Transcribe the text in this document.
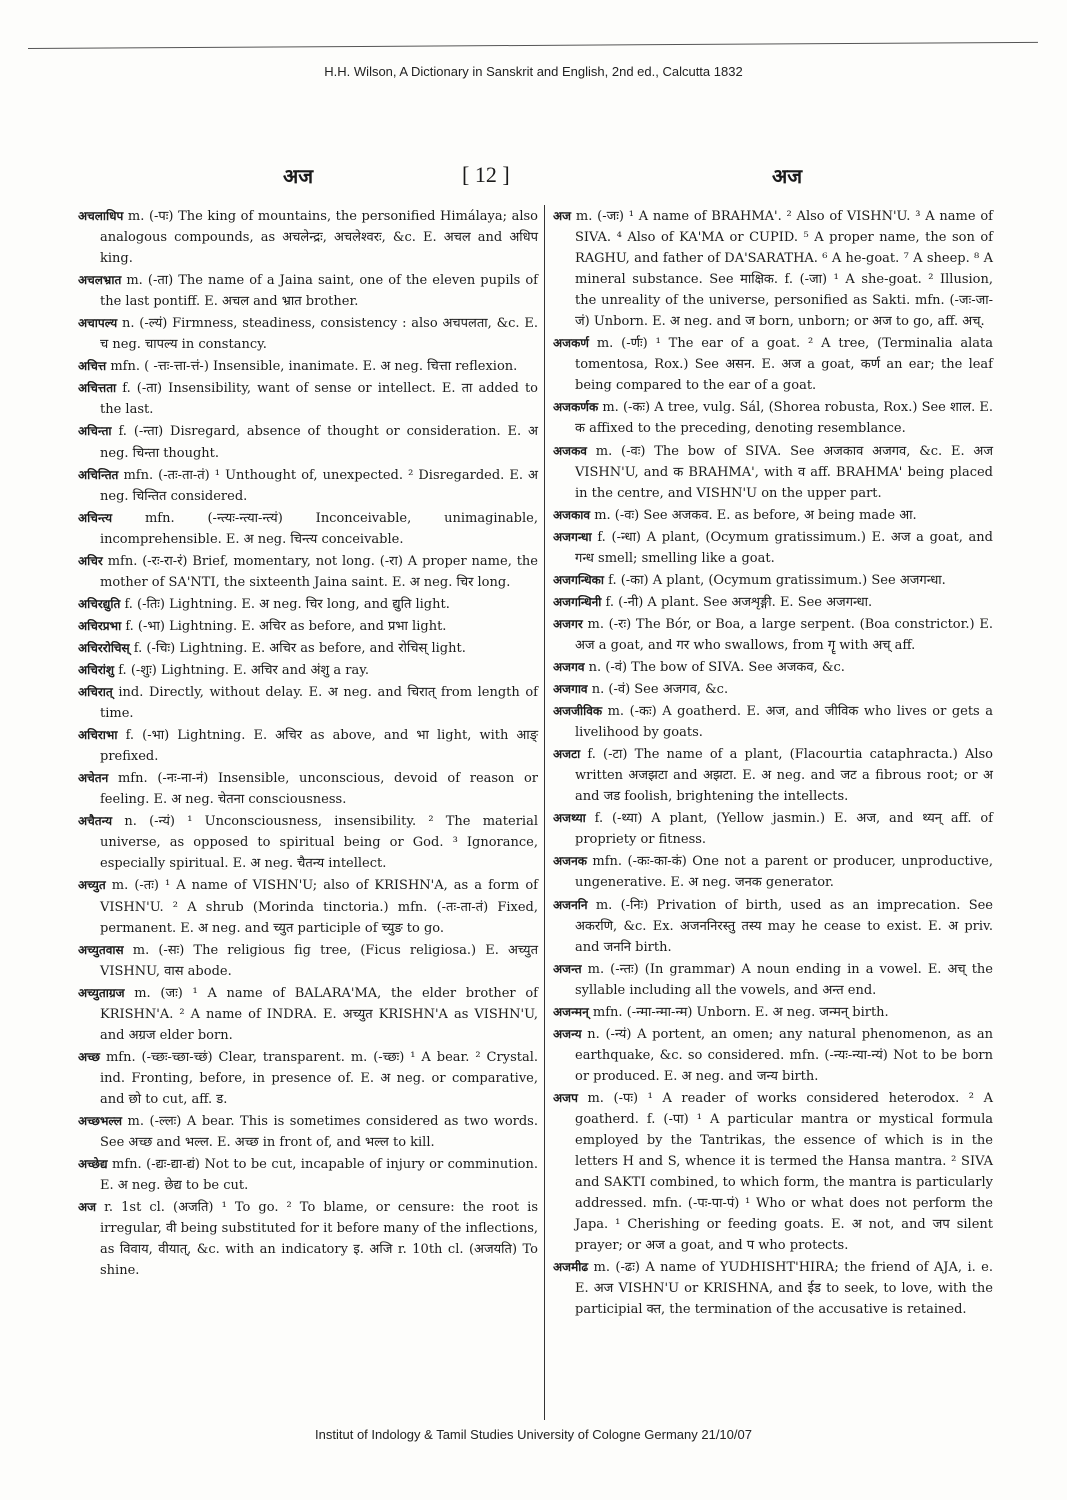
H.H. Wilson, A Dictionary in Sanskrit and English, 2nd ed., Calcutta 1832
अज	[ 12 ]	अज

अचलाधिप m. (-पः) The king of mountains, the personified Himálaya; also analogous compounds, as अचलेन्द्रः, अचलेश्वरः, &c. E. अचल and अधिप king.

अचलभ्रात m. (-ता) The name of a Jaina saint, one of the eleven pupils of the last pontiff. E. अचल and भ्रात brother.

अचापल्य n. (-ल्यं) Firmness, steadiness, consistency : also अचपलता, &c. E. च neg. चापल्य in constancy.

अचित्त mfn. ( -त्तः-त्ता-त्तं-) Insensible, inanimate. E. अ neg. चित्ता reflexion.

अचित्तता f. (-ता) Insensibility, want of sense or intellect. E. ता added to the last.

अचिन्ता f. (-न्ता) Disregard, absence of thought or consideration. E. अ neg. चिन्ता thought.

अचिन्तित mfn. (-तः-ता-तं) ¹ Unthought of, unexpected. ² Disregarded. E. अ neg. चिन्तित considered.

अचिन्त्य mfn. (-न्त्यः-न्त्या-न्त्यं) Inconceivable, unimaginable, incomprehensible. E. अ neg. चिन्त्य conceivable.

अचिर mfn. (-रः-रा-रं) Brief, momentary, not long. (-रा) A proper name, the mother of SA'NTI, the sixteenth Jaina saint. E. अ neg. चिर long.

अचिरद्युति f. (-तिः) Lightning. E. अ neg. चिर long, and द्युति light.

अचिरप्रभा f. (-भा) Lightning. E. अचिर as before, and प्रभा light.

अचिररोचिस् f. (-चिः) Lightning. E. अचिर as before, and रोचिस् light.

अचिरांशु f. (-शुः) Lightning. E. अचिर and अंशु a ray.

अचिरात् ind. Directly, without delay. E. अ neg. and चिरात् from length of time.

अचिराभा f. (-भा) Lightning. E. अचिर as above, and भा light, with आङ् prefixed.

अचेतन mfn. (-नः-ना-नं) Insensible, unconscious, devoid of reason or feeling. E. अ neg. चेतना consciousness.

अचैतन्य n. (-न्यं) ¹ Unconsciousness, insensibility. ² The material universe, as opposed to spiritual being or God. ³ Ignorance, especially spiritual. E. अ neg. चैतन्य intellect.

अच्युत m. (-तः) ¹ A name of VISHN'U; also of KRISHN'A, as a form of VISHN'U. ² A shrub (Morinda tinctoria.) mfn. (-तः-ता-तं) Fixed, permanent. E. अ neg. and च्युत participle of च्युङ to go.

अच्युतवास m. (-सः) The religious fig tree, (Ficus religiosa.) E. अच्युत VISHNU, वास abode.

अच्युताग्रज m. (जः) ¹ A name of BALARA'MA, the elder brother of KRISHN'A. ² A name of INDRA. E. अच्युत KRISHN'A as VISHN'U, and अग्रज elder born.

अच्छ mfn. (-च्छः-च्छा-च्छं) Clear, transparent. m. (-च्छः) ¹ A bear. ² Crystal. ind. Fronting, before, in presence of. E. अ neg. or comparative, and छो to cut, aff. ड.

अच्छभल्ल m. (-ल्लः) A bear. This is sometimes considered as two words. See अच्छ and भल्ल. E. अच्छ in front of, and भल्ल to kill.

अच्छेद्य mfn. (-द्यः-द्या-द्यं) Not to be cut, incapable of injury or comminution. E. अ neg. छेद्य to be cut.

अज r. 1st cl. (अजति) ¹ To go. ² To blame, or censure: the root is irregular, वी being substituted for it before many of the inflections, as विवाय, वीयात्, &c. with an indicatory इ. अजि r. 10th cl. (अजयति) To shine.

अज m. (-जः) ¹ A name of BRAHMA'. ² Also of VISHN'U. ³ A name of SIVA. ⁴ Also of KA'MA or CUPID. ⁵ A proper name, the son of RAGHU, and father of DA'SARATHA. ⁶ A he-goat. ⁷ A sheep. ⁸ A mineral substance. See माक्षिक. f. (-जा) ¹ A she-goat. ² Illusion, the unreality of the universe, personified as Sakti. mfn. (-जः-जा-जं) Unborn. E. अ neg. and ज born, unborn; or अज to go, aff. अच्.

अजकर्ण m. (-र्णः) ¹ The ear of a goat. ² A tree, (Terminalia alata tomentosa, Rox.) See असन. E. अज a goat, कर्ण an ear; the leaf being compared to the ear of a goat.

अजकर्णक m. (-कः) A tree, vulg. Sál, (Shorea robusta, Rox.) See शाल. E. क affixed to the preceding, denoting resemblance.

अजकव m. (-वः) The bow of SIVA. See अजकाव अजगव, &c. E. अज VISHN'U, and क BRAHMA', with व aff. BRAHMA' being placed in the centre, and VISHN'U on the upper part.

अजकाव m. (-वः) See अजकव. E. as before, अ being made आ.

अजगन्धा f. (-न्धा) A plant, (Ocymum gratissimum.) E. अज a goat, and गन्ध smell; smelling like a goat.

अजगन्धिका f. (-का) A plant, (Ocymum gratissimum.) See अजगन्धा.

अजगन्धिनी f. (-नी) A plant. See अजशृङ्गी. E. See अजगन्धा.

अजगर m. (-रः) The Bór, or Boa, a large serpent. (Boa constrictor.) E. अज a goat, and गर who swallows, from गॄ with अच् aff.

अजगव n. (-वं) The bow of SIVA. See अजकव, &c.

अजगाव n. (-वं) See अजगव, &c.

अजजीविक m. (-कः) A goatherd. E. अज, and जीविक who lives or gets a livelihood by goats.

अजटा f. (-टा) The name of a plant, (Flacourtia cataphracta.) Also written अजझटा and अझटा. E. अ neg. and जट a fibrous root; or अ and जड foolish, brightening the intellects.

अजथ्या f. (-थ्या) A plant, (Yellow jasmin.) E. अज, and थ्यन् aff. of propriety or fitness.

अजनक mfn. (-कः-का-कं) One not a parent or producer, unproductive, ungenerative. E. अ neg. जनक generator.

अजननि m. (-निः) Privation of birth, used as an imprecation. See अकरणि, &c. Ex. अजननिरस्तु तस्य may he cease to exist. E. अ priv. and जननि birth.

अजन्त m. (-न्तः) (In grammar) A noun ending in a vowel. E. अच् the syllable including all the vowels, and अन्त end.

अजन्मन् mfn. (-न्मा-न्मा-न्म) Unborn. E. अ neg. जन्मन् birth.

अजन्य n. (-न्यं) A portent, an omen; any natural phenomenon, as an earthquake, &c. so considered. mfn. (-न्यः-न्या-न्यं) Not to be born or produced. E. अ neg. and जन्य birth.

अजप m. (-पः) ¹ A reader of works considered heterodox. ² A goatherd. f. (-पा) ¹ A particular mantra or mystical formula employed by the Tantrikas, the essence of which is in the letters H and S, whence it is termed the Hansa mantra. ² SIVA and SAKTI combined, to which form, the mantra is particularly addressed. mfn. (-पः-पा-पं) ¹ Who or what does not perform the Japa. ¹ Cherishing or feeding goats. E. अ not, and जप silent prayer; or अज a goat, and प who protects.

अजमीढ m. (-ढः) A name of YUDHISHT'HIRA; the friend of AJA, i. e. E. अज VISHN'U or KRISHNA, and ईड to seek, to love, with the participial क्त, the termination of the accusative is retained.

Institut of Indology & Tamil Studies University of Cologne Germany 21/10/07
